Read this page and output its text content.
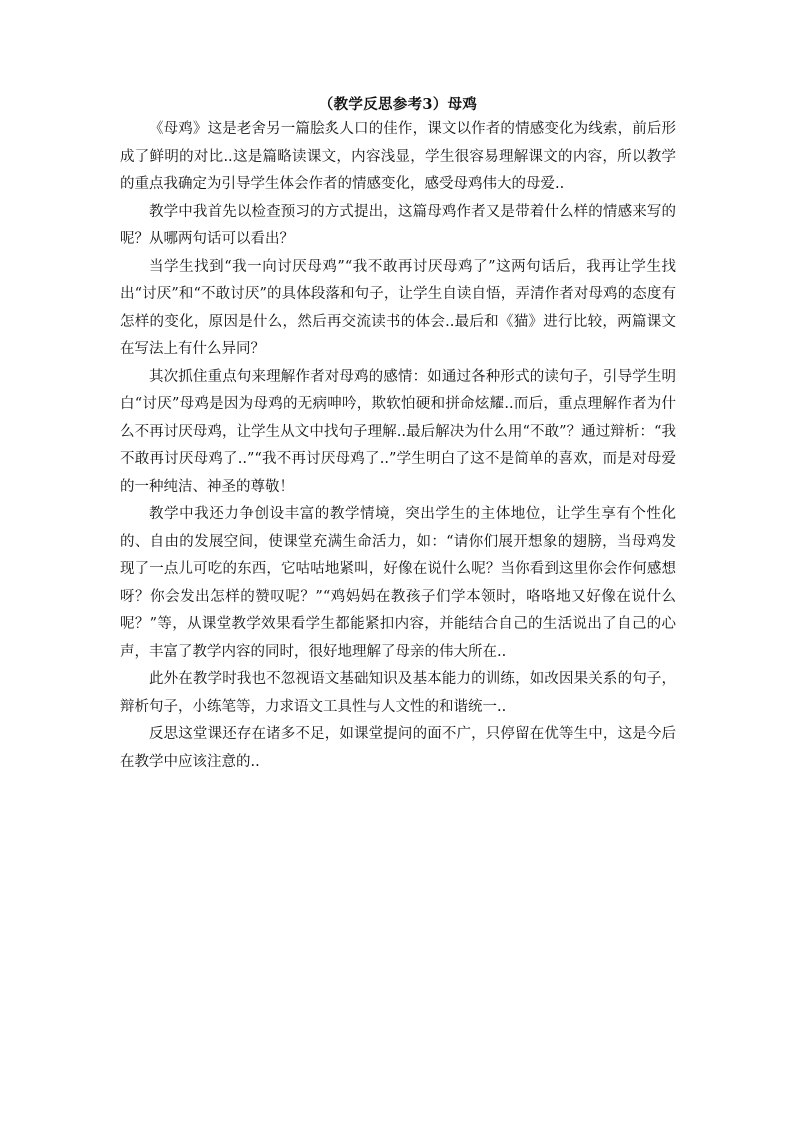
（教学反思参考3）母鸡

《母鸡》这是老舍另一篇脍炙人口的佳作，课文以作者的情感变化为线索，前后形成了鲜明的对比..这是篇略读课文，内容浅显，学生很容易理解课文的内容，所以教学的重点我确定为引导学生体会作者的情感变化，感受母鸡伟大的母爱..

教学中我首先以检查预习的方式提出，这篇母鸡作者又是带着什么样的情感来写的呢？从哪两句话可以看出？

当学生找到“我一向讨厌母鸡”“我不敢再讨厌母鸡了”这两句话后，我再让学生找出“讨厌”和“不敢讨厌”的具体段落和句子，让学生自读自悟，弄清作者对母鸡的态度有怎样的变化，原因是什么，然后再交流读书的体会..最后和《猫》进行比较，两篇课文在写法上有什么异同？

其次抓住重点句来理解作者对母鸡的感情：如通过各种形式的读句子，引导学生明白“讨厌”母鸡是因为母鸡的无病呻吟，欺软怕硬和拼命炫耀..而后，重点理解作者为什么不再讨厌母鸡，让学生从文中找句子理解..最后解决为什么用“不敢”？通过辩析：“我不敢再讨厌母鸡了..”“我不再讨厌母鸡了..”学生明白了这不是简单的喜欢，而是对母爱的一种纯洁、神圣的尊敬！

教学中我还力争创设丰富的教学情境，突出学生的主体地位，让学生享有个性化的、自由的发展空间，使课堂充满生命活力，如：“请你们展开想象的翅膀，当母鸡发现了一点儿可吃的东西，它咕咕地紧叫，好像在说什么呢？当你看到这里你会作何感想呀？你会发出怎样的赞叹呢？”“鸡妈妈在教孩子们学本领时，咯咯地又好像在说什么呢？”等，从课堂教学效果看学生都能紧扣内容，并能结合自己的生活说出了自己的心声，丰富了教学内容的同时，很好地理解了母亲的伟大所在..

此外在教学时我也不忽视语文基础知识及基本能力的训练，如改因果关系的句子，辩析句子，小练笔等，力求语文工具性与人文性的和谐统一..

反思这堂课还存在诸多不足，如课堂提问的面不广，只停留在优等生中，这是今后在教学中应该注意的..
